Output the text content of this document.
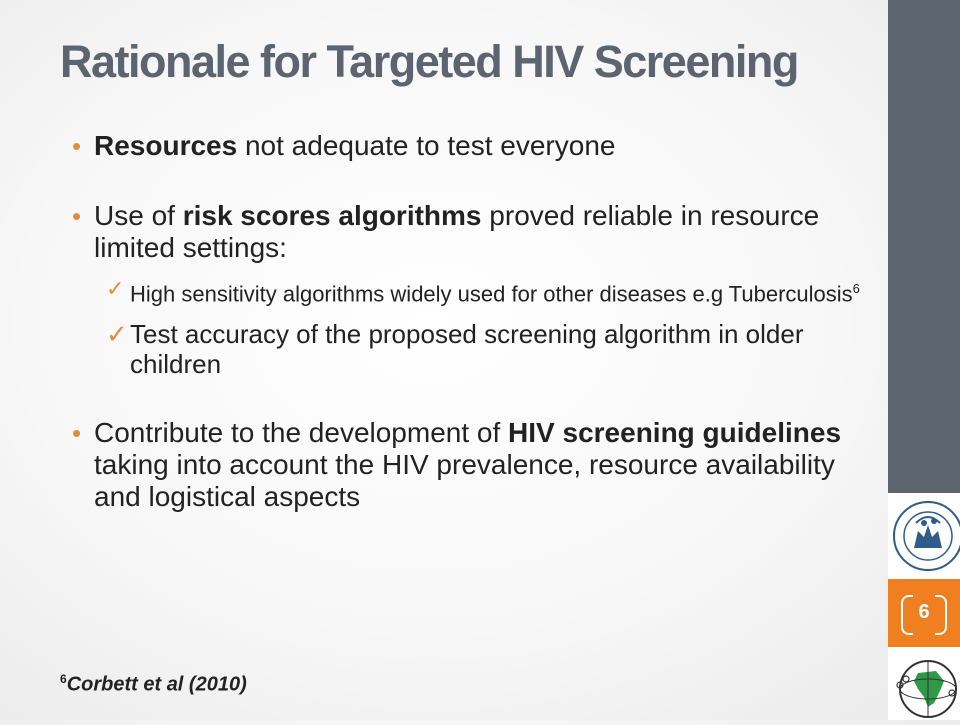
Rationale for Targeted HIV Screening
• Resources not adequate to test everyone
• Use of risk scores algorithms proved reliable in resource limited settings:
✓ High sensitivity algorithms widely used for other diseases e.g Tuberculosis$^6$
✓ Test accuracy of the proposed screening algorithm in older children
• Contribute to the development of HIV screening guidelines taking into account the HIV prevalence, resource availability and logistical aspects
$^6$Corbett et al (2010)
6
